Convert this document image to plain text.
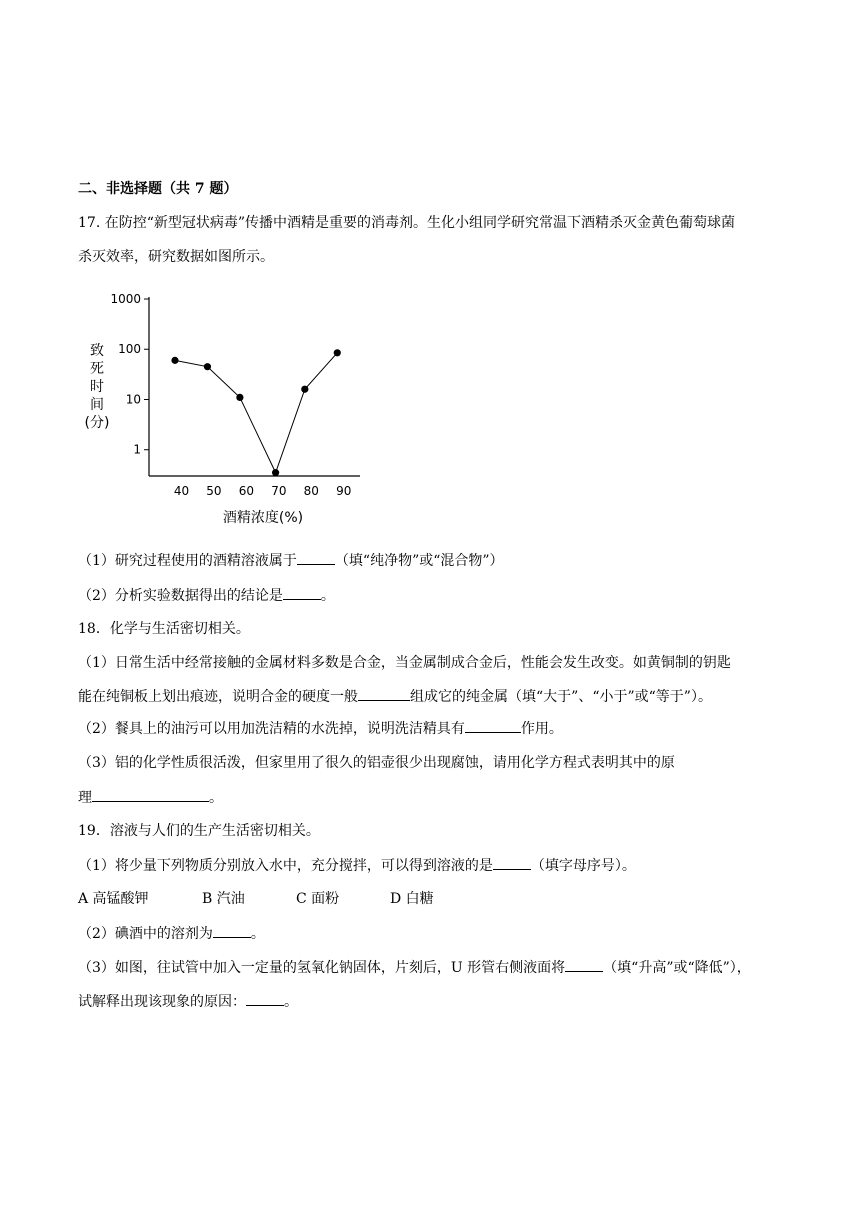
二、非选择题（共 7 题）
17. 在防控“新型冠状病毒”传播中酒精是重要的消毒剂。生化小组同学研究常温下酒精杀灭金黄色葡萄球菌
杀灭效率，研究数据如图所示。
1
10
100
1000
40 50 60 70 80 90
致
死
时
间
(分)
酒精浓度(%)
（1）研究过程使用的酒精溶液属于	（填“纯净物”或“混合物”）
（2）分析实验数据得出的结论是	。
18．化学与生活密切相关。
（1）日常生活中经常接触的金属材料多数是合金，当金属制成合金后，性能会发生改变。如黄铜制的钥匙
能在纯铜板上划出痕迹，说明合金的硬度一般	组成它的纯金属（填“大于”、“小于”或“等于”）。
（2）餐具上的油污可以用加洗洁精的水洗掉，说明洗洁精具有	作用。
（3）铝的化学性质很活泼，但家里用了很久的铝壶很少出现腐蚀，请用化学方程式表明其中的原
理	。
19．溶液与人们的生产生活密切相关。
（1）将少量下列物质分别放入水中，充分搅拌，可以得到溶液的是	（填字母序号）。
A 高锰酸钾	B 汽油	C 面粉	D 白糖
（2）碘酒中的溶剂为	。
（3）如图，往试管中加入一定量的氢氧化钠固体，片刻后，U 形管右侧液面将	（填“升高”或“降低”），
试解释出现该现象的原因：	。
